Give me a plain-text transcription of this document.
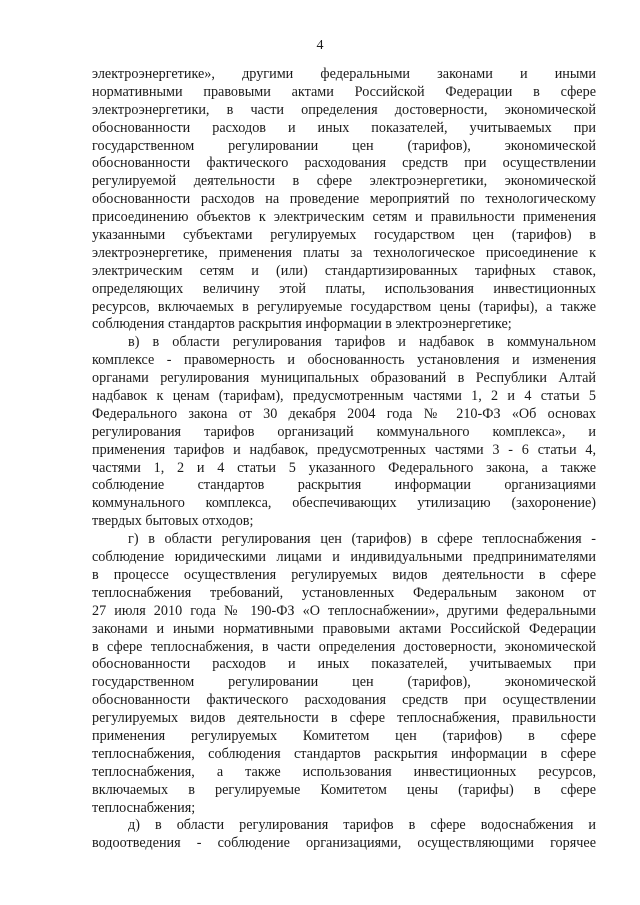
4
электроэнергетике», другими федеральными законами и иными
нормативными правовыми актами Российской Федерации в сфере
электроэнергетики, в части определения достоверности, экономической
обоснованности расходов и иных показателей, учитываемых при
государственном регулировании цен (тарифов), экономической
обоснованности фактического расходования средств при осуществлении
регулируемой деятельности в сфере электроэнергетики, экономической
обоснованности расходов на проведение мероприятий по технологическому
присоединению объектов к электрическим сетям и правильности применения
указанными субъектами регулируемых государством цен (тарифов) в
электроэнергетике, применения платы за технологическое присоединение к
электрическим сетям и (или) стандартизированных тарифных ставок,
определяющих величину этой платы, использования инвестиционных
ресурсов, включаемых в регулируемые государством цены (тарифы), а также
соблюдения стандартов раскрытия информации в электроэнергетике;
в) в области регулирования тарифов и надбавок в коммунальном
комплексе - правомерность и обоснованность установления и изменения
органами регулирования муниципальных образований в Республики Алтай
надбавок к ценам (тарифам), предусмотренным частями 1, 2 и 4 статьи 5
Федерального закона от 30 декабря 2004 года № 210-ФЗ «Об основах
регулирования тарифов организаций коммунального комплекса», и
применения тарифов и надбавок, предусмотренных частями 3 - 6 статьи 4,
частями 1, 2 и 4 статьи 5 указанного Федерального закона, а также
соблюдение стандартов раскрытия информации организациями
коммунального комплекса, обеспечивающих утилизацию (захоронение)
твердых бытовых отходов;
г) в области регулирования цен (тарифов) в сфере теплоснабжения -
соблюдение юридическими лицами и индивидуальными предпринимателями
в процессе осуществления регулируемых видов деятельности в сфере
теплоснабжения требований, установленных Федеральным законом от
27 июля 2010 года № 190-ФЗ «О теплоснабжении», другими федеральными
законами и иными нормативными правовыми актами Российской Федерации
в сфере теплоснабжения, в части определения достоверности, экономической
обоснованности расходов и иных показателей, учитываемых при
государственном регулировании цен (тарифов), экономической
обоснованности фактического расходования средств при осуществлении
регулируемых видов деятельности в сфере теплоснабжения, правильности
применения регулируемых Комитетом цен (тарифов) в сфере
теплоснабжения, соблюдения стандартов раскрытия информации в сфере
теплоснабжения, а также использования инвестиционных ресурсов,
включаемых в регулируемые Комитетом цены (тарифы) в сфере
теплоснабжения;
д) в области регулирования тарифов в сфере водоснабжения и
водоотведения - соблюдение организациями, осуществляющими горячее
